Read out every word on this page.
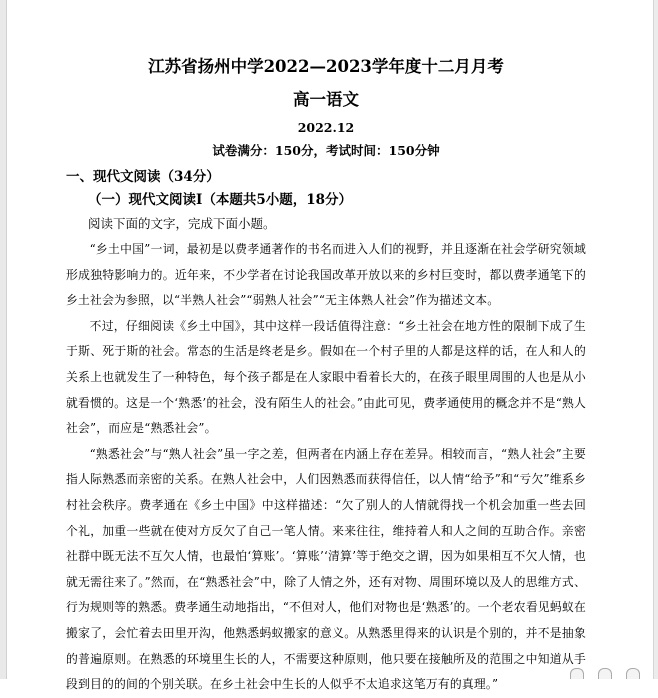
江苏省扬州中学2022—2023学年度十二月月考
高一语文
2022.12
试卷满分：150分，考试时间：150分钟
一、现代文阅读（34分）
（一）现代文阅读Ⅰ（本题共5小题，18分）
阅读下面的文字，完成下面小题。

“乡土中国”一词，最初是以费孝通著作的书名而进入人们的视野，并且逐渐在社会学研究领域形成独特影响力的。近年来，不少学者在讨论我国改革开放以来的乡村巨变时，都以费孝通笔下的乡土社会为参照，以“半熟人社会”“弱熟人社会”“无主体熟人社会”作为描述文本。

不过，仔细阅读《乡土中国》，其中这样一段话值得注意：“乡土社会在地方性的限制下成了生于斯、死于斯的社会。常态的生活是终老是乡。假如在一个村子里的人都是这样的话，在人和人的关系上也就发生了一种特色，每个孩子都是在人家眼中看着长大的，在孩子眼里周围的人也是从小就看惯的。这是一个‘熟悉’的社会，没有陌生人的社会。”由此可见，费孝通使用的概念并不是“熟人社会”，而应是“熟悉社会”。

“熟悉社会”与“熟人社会”虽一字之差，但两者在内涵上存在差异。相较而言，“熟人社会”主要指人际熟悉而亲密的关系。在熟人社会中，人们因熟悉而获得信任，以人情“给予”和“亏欠”维系乡村社会秩序。费孝通在《乡土中国》中这样描述：“欠了别人的人情就得找一个机会加重一些去回个礼，加重一些就在使对方反欠了自己一笔人情。来来往往，维持着人和人之间的互助合作。亲密社群中既无法不互欠人情，也最怕‘算账’。‘算账’‘清算’等于绝交之谓，因为如果相互不欠人情，也就无需往来了。”然而，在“熟悉社会”中，除了人情之外，还有对物、周围环境以及人的思维方式、行为规则等的熟悉。费孝通生动地指出，“不但对人，他们对物也是‘熟悉’的。一个老农看见蚂蚁在搬家了，会忙着去田里开沟，他熟悉蚂蚁搬家的意义。从熟悉里得来的认识是个别的，并不是抽象的普遍原则。在熟悉的环境里生长的人，不需要这种原则，他只要在接触所及的范围之中知道从手段到目的的间的个别关联。在乡土社会中生长的人似乎不太追求这笔万有的真理。”
